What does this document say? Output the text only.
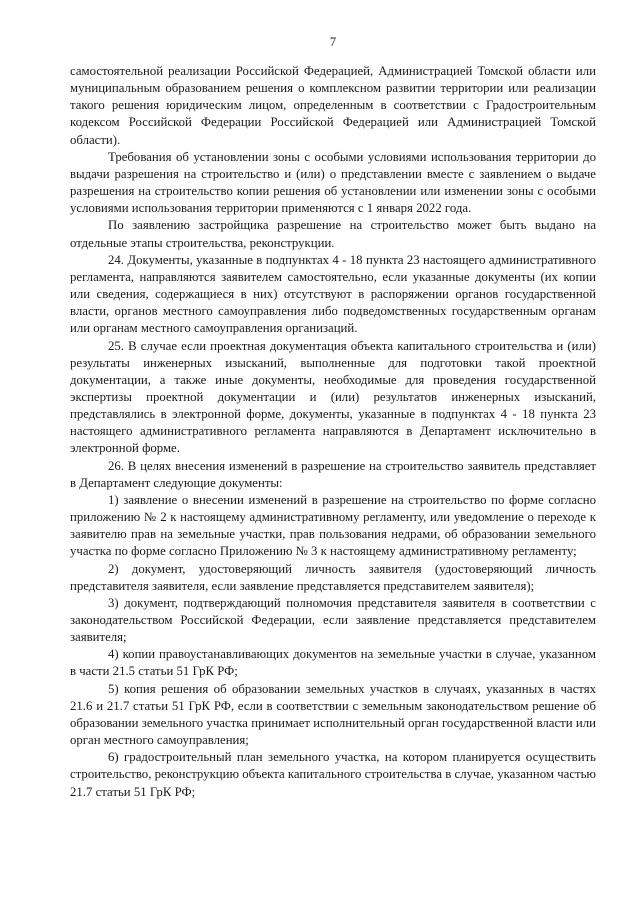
7

самостоятельной реализации Российской Федерацией, Администрацией Томской области или муниципальным образованием решения о комплексном развитии территории или реализации такого решения юридическим лицом, определенным в соответствии с Градостроительным кодексом Российской Федерации Российской Федерацией или Администрацией Томской области).

Требования об установлении зоны с особыми условиями использования территории до выдачи разрешения на строительство и (или) о представлении вместе с заявлением о выдаче разрешения на строительство копии решения об установлении или изменении зоны с особыми условиями использования территории применяются с 1 января 2022 года.

По заявлению застройщика разрешение на строительство может быть выдано на отдельные этапы строительства, реконструкции.

24. Документы, указанные в подпунктах 4 - 18 пункта 23 настоящего административного регламента, направляются заявителем самостоятельно, если указанные документы (их копии или сведения, содержащиеся в них) отсутствуют в распоряжении органов государственной власти, органов местного самоуправления либо подведомственных государственным органам или органам местного самоуправления организаций.

25. В случае если проектная документация объекта капитального строительства и (или) результаты инженерных изысканий, выполненные для подготовки такой проектной документации, а также иные документы, необходимые для проведения государственной экспертизы проектной документации и (или) результатов инженерных изысканий, представлялись в электронной форме, документы, указанные в подпунктах 4 - 18 пункта 23 настоящего административного регламента направляются в Департамент исключительно в электронной форме.

26. В целях внесения изменений в разрешение на строительство заявитель представляет в Департамент следующие документы:

1) заявление о внесении изменений в разрешение на строительство по форме согласно приложению № 2 к настоящему административному регламенту, или уведомление о переходе к заявителю прав на земельные участки, прав пользования недрами, об образовании земельного участка по форме согласно Приложению № 3 к настоящему административному регламенту;

2) документ, удостоверяющий личность заявителя (удостоверяющий личность представителя заявителя, если заявление представляется представителем заявителя);

3) документ, подтверждающий полномочия представителя заявителя в соответствии с законодательством Российской Федерации, если заявление представляется представителем заявителя;

4) копии правоустанавливающих документов на земельные участки в случае, указанном в части 21.5 статьи 51 ГрК РФ;

5) копия решения об образовании земельных участков в случаях, указанных в частях 21.6 и 21.7 статьи 51 ГрК РФ, если в соответствии с земельным законодательством решение об образовании земельного участка принимает исполнительный орган государственной власти или орган местного самоуправления;

6) градостроительный план земельного участка, на котором планируется осуществить строительство, реконструкцию объекта капитального строительства в случае, указанном частью 21.7 статьи 51 ГрК РФ;
